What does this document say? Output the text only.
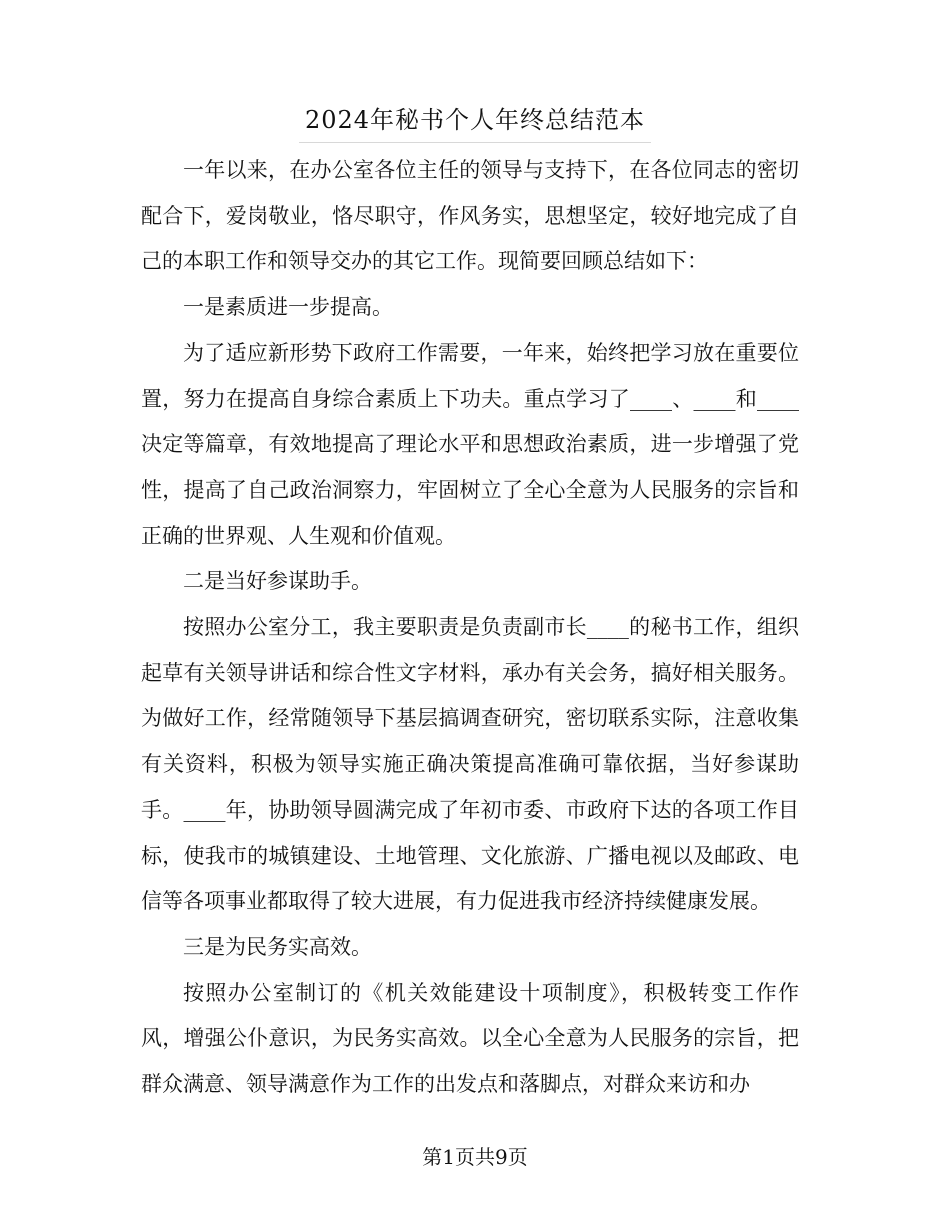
2024年秘书个人年终总结范本

一年以来，在办公室各位主任的领导与支持下，在各位同志的密切配合下，爱岗敬业，恪尽职守，作风务实，思想坚定，较好地完成了自己的本职工作和领导交办的其它工作。现简要回顾总结如下：

一是素质进一步提高。

为了适应新形势下政府工作需要，一年来，始终把学习放在重要位置，努力在提高自身综合素质上下功夫。重点学习了____、____和____决定等篇章，有效地提高了理论水平和思想政治素质，进一步增强了党性，提高了自己政治洞察力，牢固树立了全心全意为人民服务的宗旨和正确的世界观、人生观和价值观。

二是当好参谋助手。

按照办公室分工，我主要职责是负责副市长____的秘书工作，组织起草有关领导讲话和综合性文字材料，承办有关会务，搞好相关服务。为做好工作，经常随领导下基层搞调查研究，密切联系实际，注意收集有关资料，积极为领导实施正确决策提高准确可靠依据，当好参谋助手。____年，协助领导圆满完成了年初市委、市政府下达的各项工作目标，使我市的城镇建设、土地管理、文化旅游、广播电视以及邮政、电信等各项事业都取得了较大进展，有力促进我市经济持续健康发展。

三是为民务实高效。

按照办公室制订的《机关效能建设十项制度》，积极转变工作作风，增强公仆意识，为民务实高效。以全心全意为人民服务的宗旨，把群众满意、领导满意作为工作的出发点和落脚点，对群众来访和办

第1页共9页
